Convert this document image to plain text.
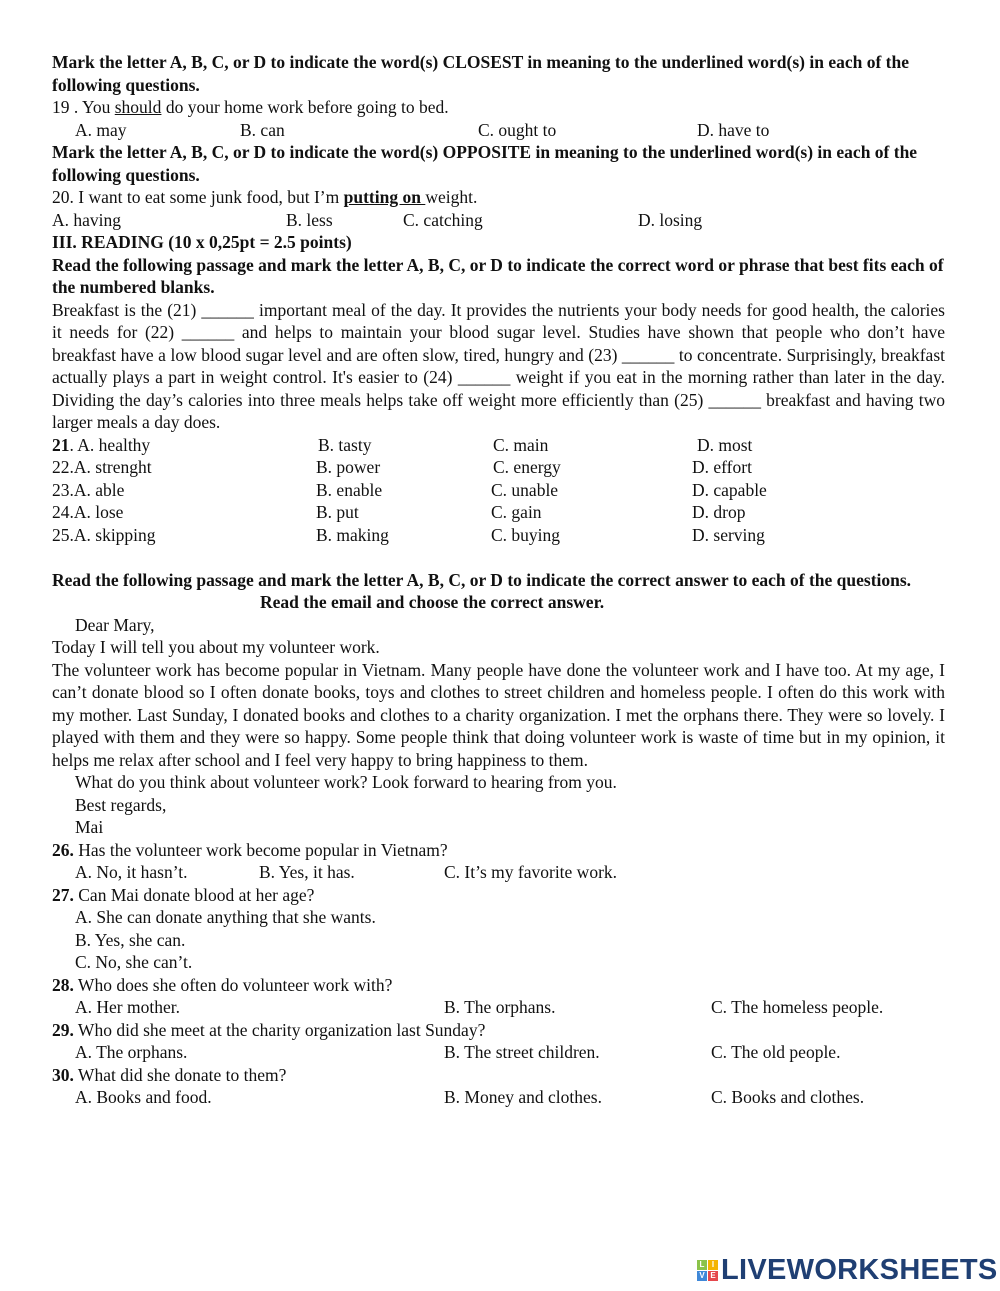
Mark the letter A, B, C, or D to indicate the word(s) CLOSEST in meaning to the underlined word(s) in each of the following questions.
19 . You should do your home work before going to bed.
A. may	B. can	C. ought to	D. have to
Mark the letter A, B, C, or D to indicate the word(s) OPPOSITE in meaning to the underlined word(s) in each of the following questions.
20. I want to eat some junk food, but I’m putting on weight.
A. having	B. less	C. catching	D. losing
III. READING (10 x 0,25pt = 2.5 points)
Read the following passage and mark the letter A, B, C, or D to indicate the correct word or phrase that best fits each of the numbered blanks.
Breakfast is the (21) ______ important meal of the day. It provides the nutrients your body needs for good health, the calories it needs for (22) ______ and helps to maintain your blood sugar level. Studies have shown that people who don’t have breakfast have a low blood sugar level and are often slow, tired, hungry and (23) ______ to concentrate. Surprisingly, breakfast actually plays a part in weight control. It's easier to (24) ______ weight if you eat in the morning rather than later in the day. Dividing the day’s calories into three meals helps take off weight more efficiently than (25) ______ breakfast and having two larger meals a day does.
21. A. healthy	B. tasty	C. main	D. most
22.A. strenght	B. power	C. energy	D. effort
23.A. able	B. enable	C. unable	D. capable
24.A. lose	B. put	C. gain	D. drop
25.A. skipping	B. making	C. buying	D. serving
Read the following passage and mark the letter A, B, C, or D to indicate the correct answer to each of the questions.
Read the email and choose the correct answer.
Dear Mary,
Today I will tell you about my volunteer work.
The volunteer work has become popular in Vietnam. Many people have done the volunteer work and I have too. At my age, I can’t donate blood so I often donate books, toys and clothes to street children and homeless people. I often do this work with my mother. Last Sunday, I donated books and clothes to a charity organization. I met the orphans there. They were so lovely. I played with them and they were so happy. Some people think that doing volunteer work is waste of time but in my opinion, it helps me relax after school and I feel very happy to bring happiness to them.
What do you think about volunteer work? Look forward to hearing from you.
Best regards,
Mai
26. Has the volunteer work become popular in Vietnam?
A. No, it hasn’t.	B. Yes, it has.	C. It’s my favorite work.
27. Can Mai donate blood at her age?
A. She can donate anything that she wants.
B. Yes, she can.
C. No, she can’t.
28. Who does she often do volunteer work with?
A. Her mother.	B. The orphans.	C. The homeless people.
29. Who did she meet at the charity organization last Sunday?
A. The orphans.	B. The street children.	C. The old people.
30. What did she donate to them?
A. Books and food.	B. Money and clothes.	C. Books and clothes.
L I
V E LIVEWORKSHEETS
